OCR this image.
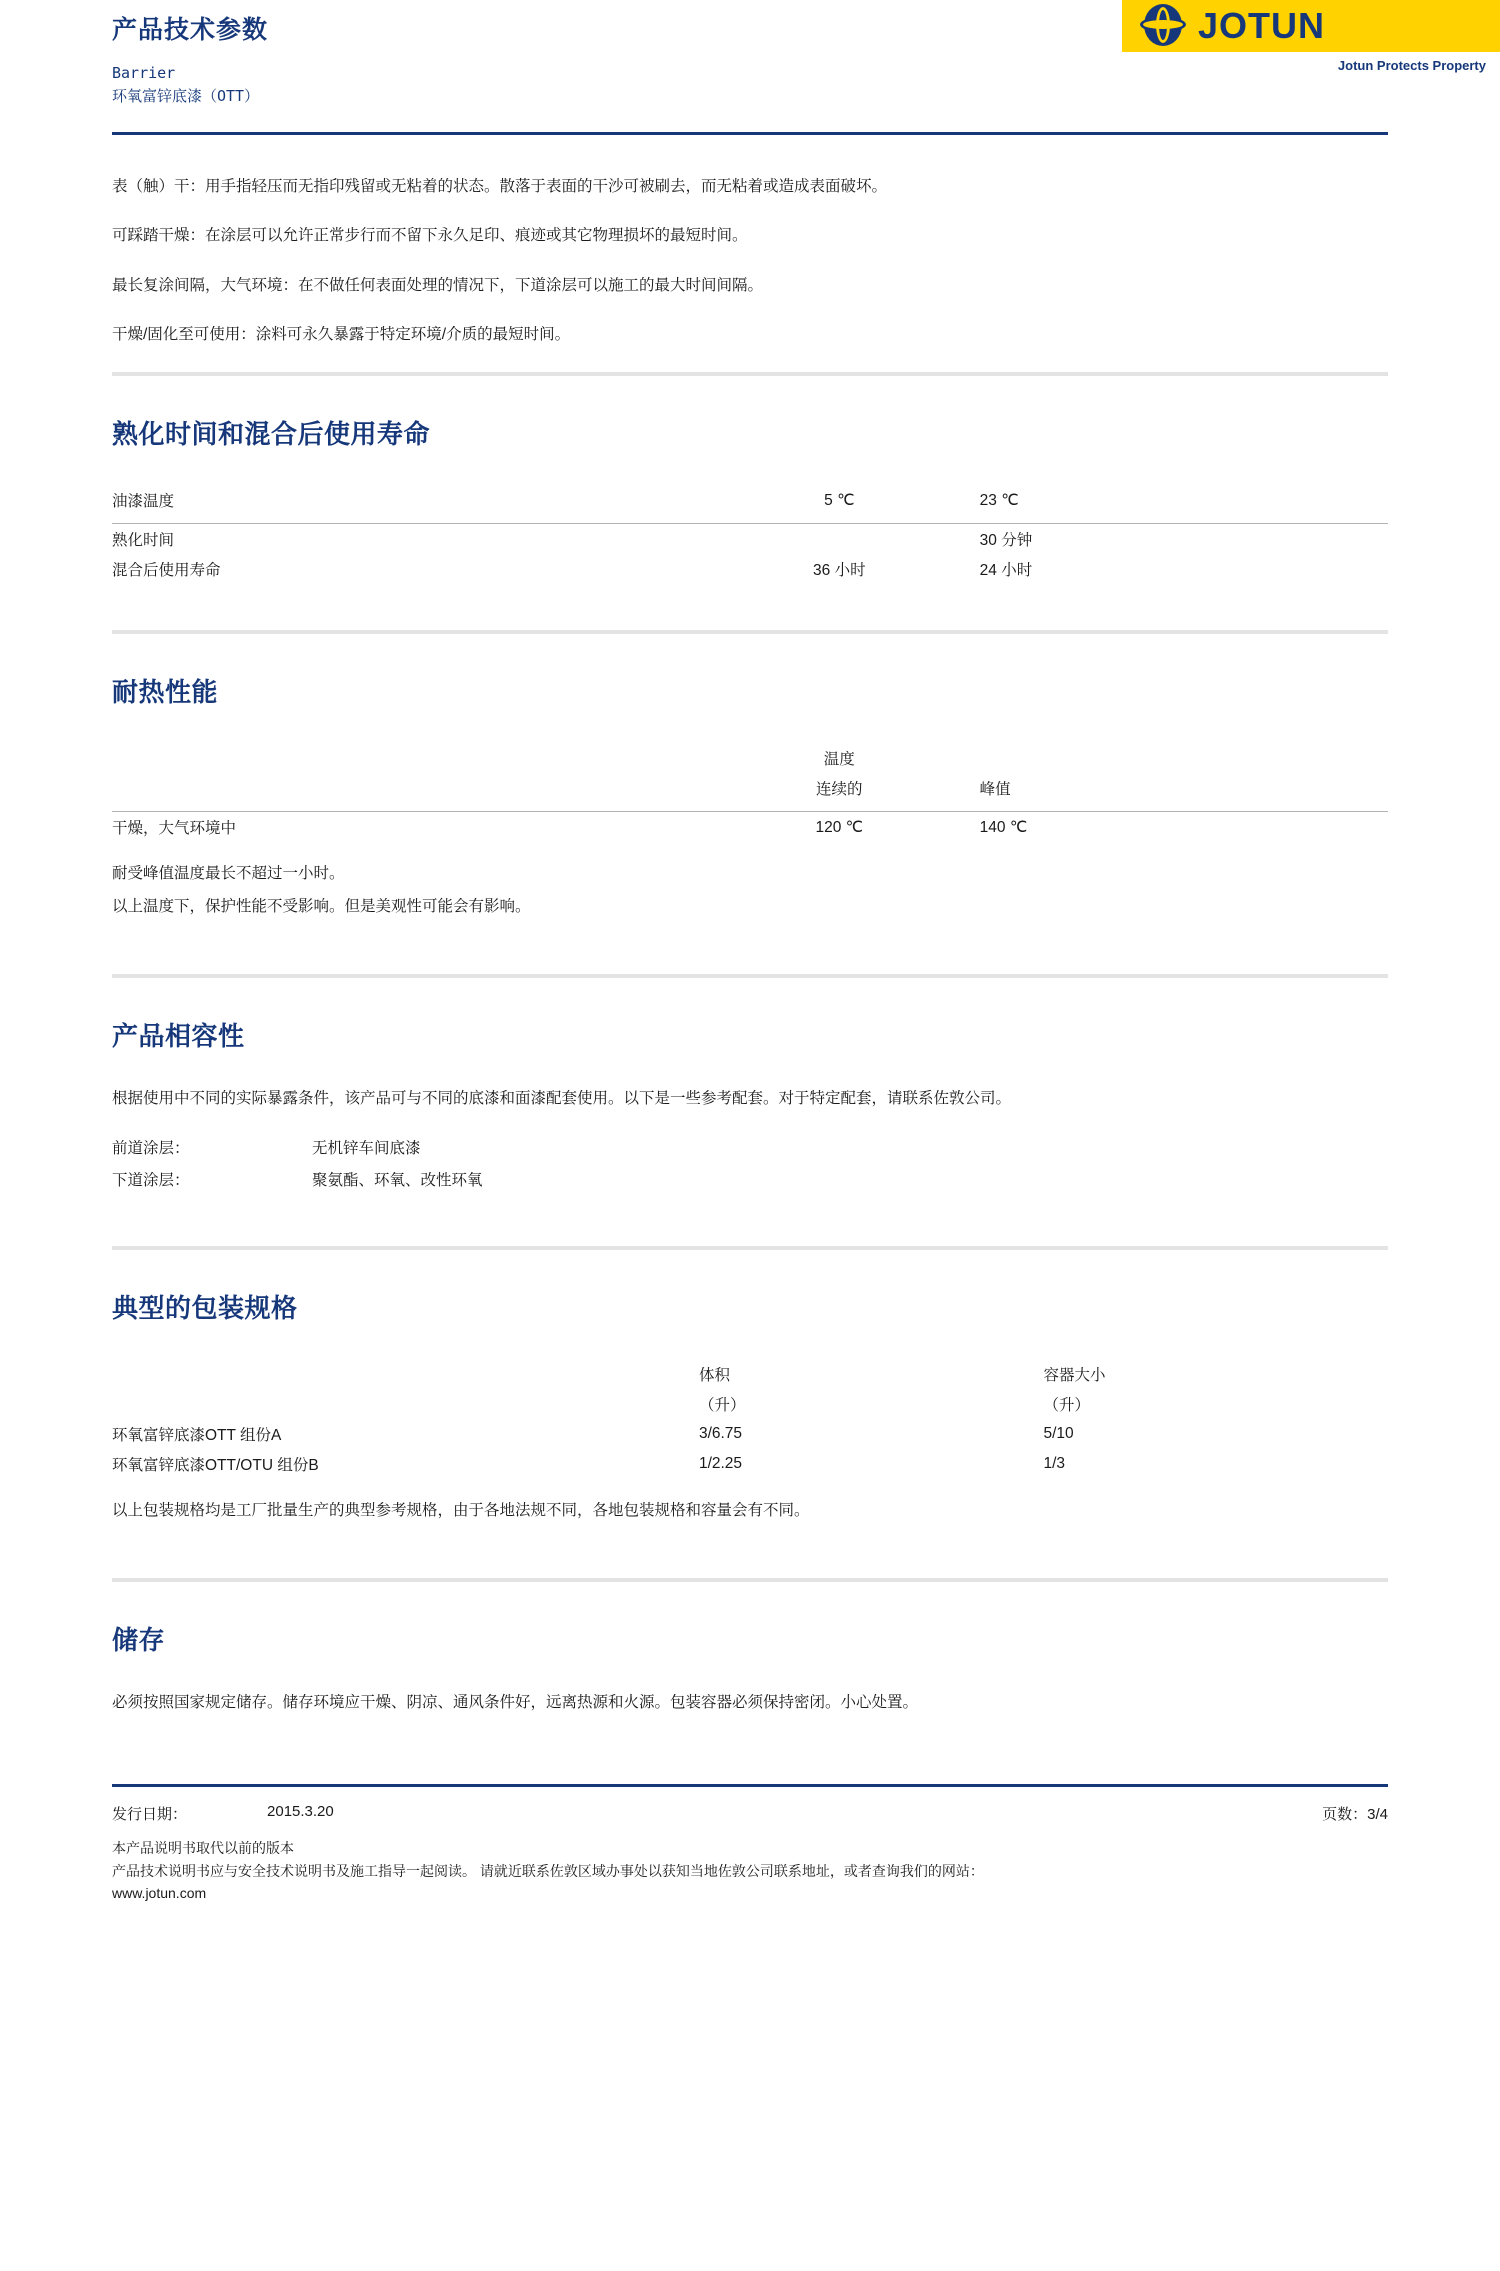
产品技术参数
Barrier
环氧富锌底漆（OTT）
JOTUN
Jotun Protects Property

表（触）干：用手指轻压而无指印残留或无粘着的状态。散落于表面的干沙可被刷去，而无粘着或造成表面破坏。

可踩踏干燥：在涂层可以允许正常步行而不留下永久足印、痕迹或其它物理损坏的最短时间。

最长复涂间隔，大气环境：在不做任何表面处理的情况下，下道涂层可以施工的最大时间间隔。

干燥/固化至可使用：涂料可永久暴露于特定环境/介质的最短时间。

熟化时间和混合后使用寿命
油漆温度	5 ℃	23 ℃

熟化时间		30 分钟
混合后使用寿命	36 小时	24 小时
耐热性能
	温度	
	连续的	峰值

干燥，大气环境中	120 ℃	140 ℃
耐受峰值温度最长不超过一小时。
以上温度下，保护性能不受影响。但是美观性可能会有影响。
产品相容性

根据使用中不同的实际暴露条件，该产品可与不同的底漆和面漆配套使用。以下是一些参考配套。对于特定配套，请联系佐敦公司。

前道涂层：	无机锌车间底漆
下道涂层：	聚氨酯、环氧、改性环氧
典型的包装规格
	体积	容器大小
	（升）	（升）
环氧富锌底漆OTT 组份A	3/6.75	5/10
环氧富锌底漆OTT/OTU 组份B	1/2.25	1/3
以上包装规格均是工厂批量生产的典型参考规格，由于各地法规不同，各地包装规格和容量会有不同。
储存

必须按照国家规定储存。储存环境应干燥、阴凉、通风条件好，远离热源和火源。包装容器必须保持密闭。小心处置。

发行日期：	2015.3.20	页数：3/4
本产品说明书取代以前的版本
产品技术说明书应与安全技术说明书及施工指导一起阅读。 请就近联系佐敦区域办事处以获知当地佐敦公司联系地址，或者查询我们的网站：
www.jotun.com
